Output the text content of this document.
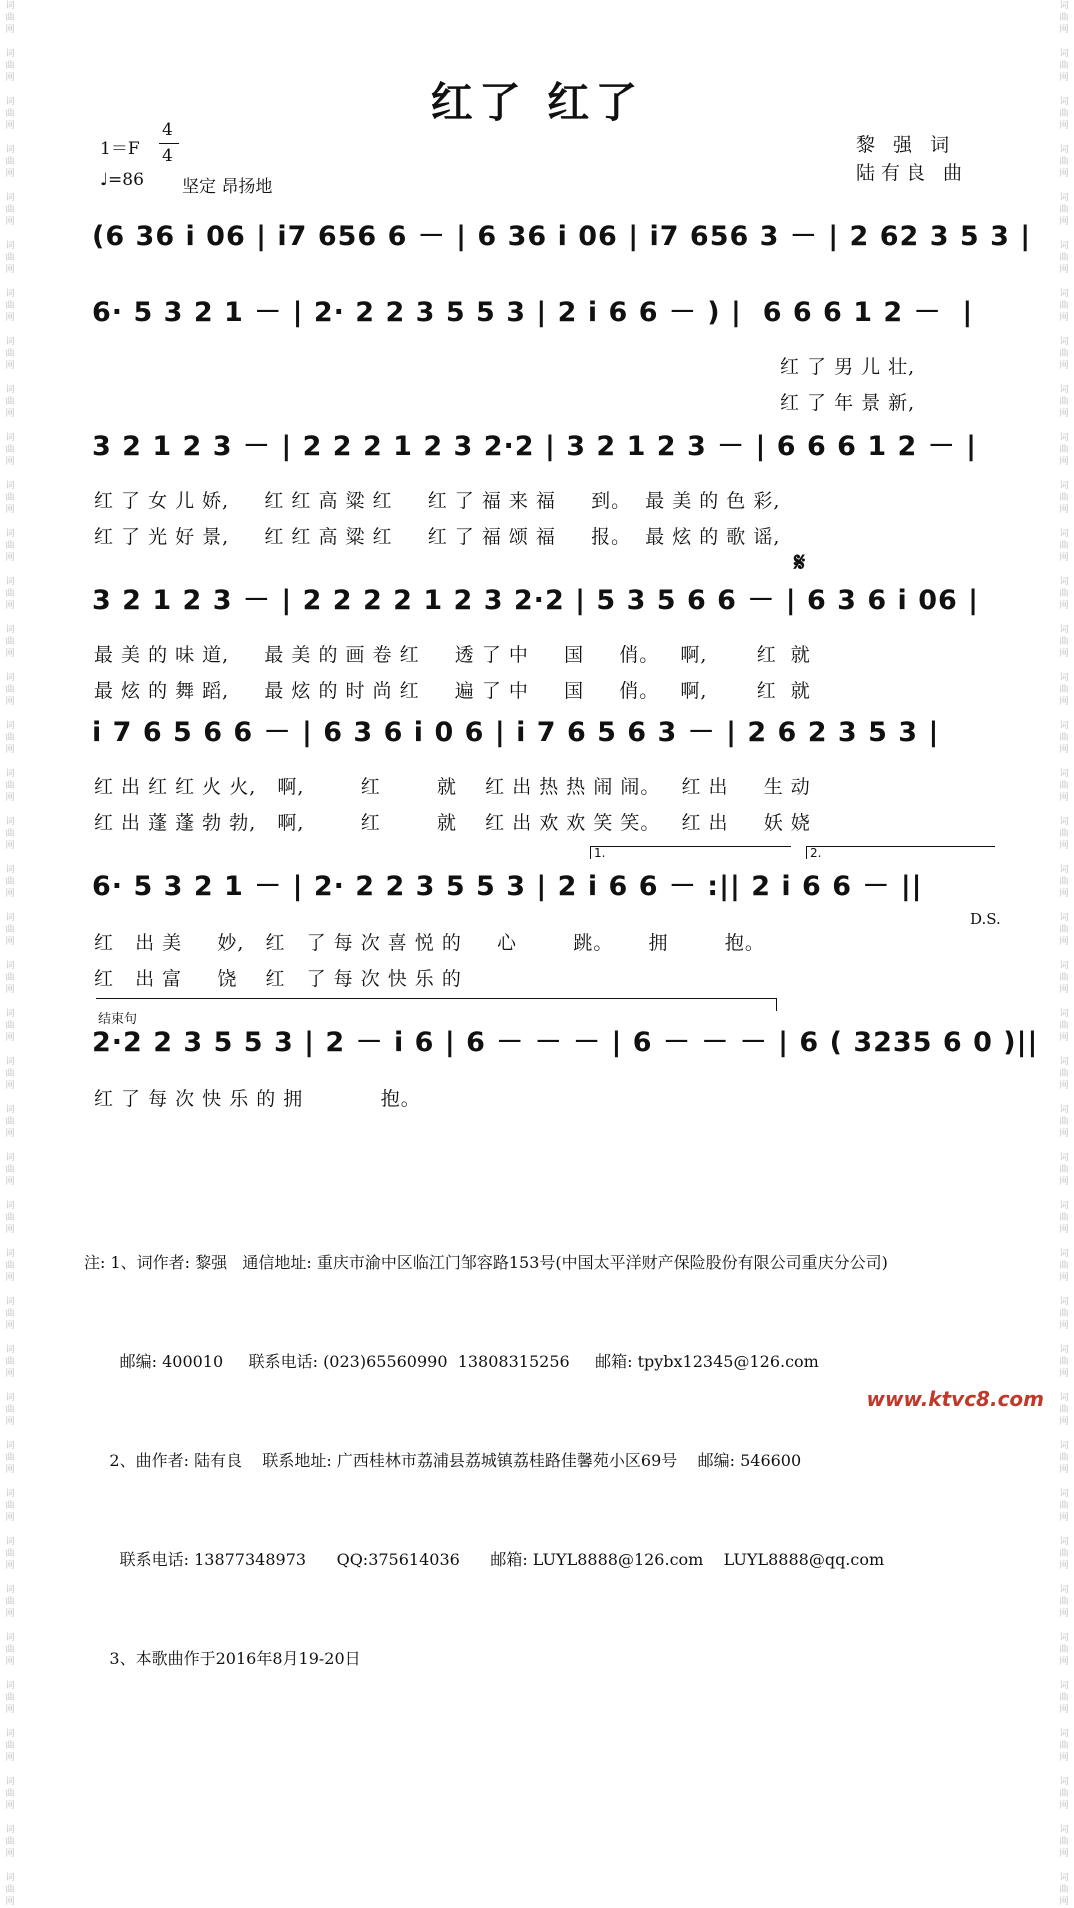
词
曲
网

词
曲
网

词
曲
网

词
曲
网

词
曲
网

词
曲
网

词
曲
网

词
曲
网

词
曲
网

词
曲
网

词
曲
网

词
曲
网

词
曲
网

词
曲
网

词
曲
网

词
曲
网

词
曲
网

词
曲
网

词
曲
网

词
曲
网

词
曲
网

词
曲
网

词
曲
网

词
曲
网

词
曲
网

词
曲
网

词
曲
网

词
曲
网

词
曲
网

词
曲
网

词
曲
网

词
曲
网

词
曲
网

词
曲
网

词
曲
网

词
曲
网

词
曲
网

词
曲
网

词
曲
网

词
曲
网

词
曲
网

词
曲
网

词
曲
网

词
曲
网

词
曲
网

词
曲
网

词
曲
网

词
曲
网

词
曲
网

词
曲
网

词
曲
网

词
曲
网

词
曲
网

词
曲
网

词
曲
网

词
曲
网

词
曲
网

词
曲
网

词
曲
网

词
曲
网

词
曲
网

词
曲
网

词
曲
网

词
曲
网

词
曲
网

词
曲
网

词
曲
网

词
曲
网

词
曲
网

词
曲
网

词
曲
网

词
曲
网

词
曲
网

词
曲
网

词
曲
网

词
曲
网

词
曲
网

词
曲
网

词
曲
网

词
曲
网

红了 红了
1＝F
4
4
♩=86 坚定 昂扬地
黎 强 词
陆有良 曲
(6 36 i 06 | i7 656 6 － | 6 36 i 06 | i7 656 3 － | 2 62 3 5 3 |
6· 5 3 2 1 － | 2· 2 2 3 5 5 3 | 2 i 6 6 － ) |  6 6 6 1 2 －  |
红 了 男 儿 壮,
红 了 年 景 新,
3 2 1 2 3 － | 2 2 2 1 2 3 2·2 | 3 2 1 2 3 － | 6 6 6 1 2 － |
红 了 女 儿 娇,     红 红 高 粱 红     红 了 福 来 福     到。  最 美 的 色 彩,
红 了 光 好 景,     红 红 高 粱 红     红 了 福 颂 福     报。  最 炫 的 歌 谣,
𝄋
3 2 1 2 3 － | 2 2 2 2 1 2 3 2·2 | 5 3 5 6 6 － | 6 3 6 i 06 |
最 美 的 味 道,     最 美 的 画 卷 红     透 了 中     国     俏。   啊,       红  就
最 炫 的 舞 蹈,     最 炫 的 时 尚 红     遍 了 中     国     俏。   啊,       红  就
i 7 6 5 6 6 － | 6 3 6 i 0 6 | i 7 6 5 6 3 － | 2 6 2 3 5 3 |
红 出 红 红 火 火,   啊,        红        就    红 出 热 热 闹 闹。   红 出     生 动
红 出 蓬 蓬 勃 勃,   啊,        红        就    红 出 欢 欢 笑 笑。   红 出     妖 娆
1.	2.
6· 5 3 2 1 － | 2· 2 2 3 5 5 3 | 2 i 6 6 － :|| 2 i 6 6 － ||
D.S.
红   出 美     妙,   红   了 每 次 喜 悦 的     心        跳。     拥        抱。
红   出 富     饶    红   了 每 次 快 乐 的
结束句
2·2 2 3 5 5 3 | 2 － i 6 | 6 － － － | 6 － － － | 6 ( 3235 6 0 )||
红 了 每 次 快 乐 的 拥           抱。

注: 1、词作者: 黎强   通信地址: 重庆市渝中区临江门邹容路153号(中国太平洋财产保险股份有限公司重庆分公司)

邮编: 400010     联系电话: (023)65560990  13808315256     邮箱: tpybx12345@126.com

2、曲作者: 陆有良    联系地址: 广西桂林市荔浦县荔城镇荔桂路佳馨苑小区69号    邮编: 546600

联系电话: 13877348973      QQ:375614036      邮箱: LUYL8888@126.com    LUYL8888@qq.com

3、本歌曲作于2016年8月19-20日

www.ktvc8.com
